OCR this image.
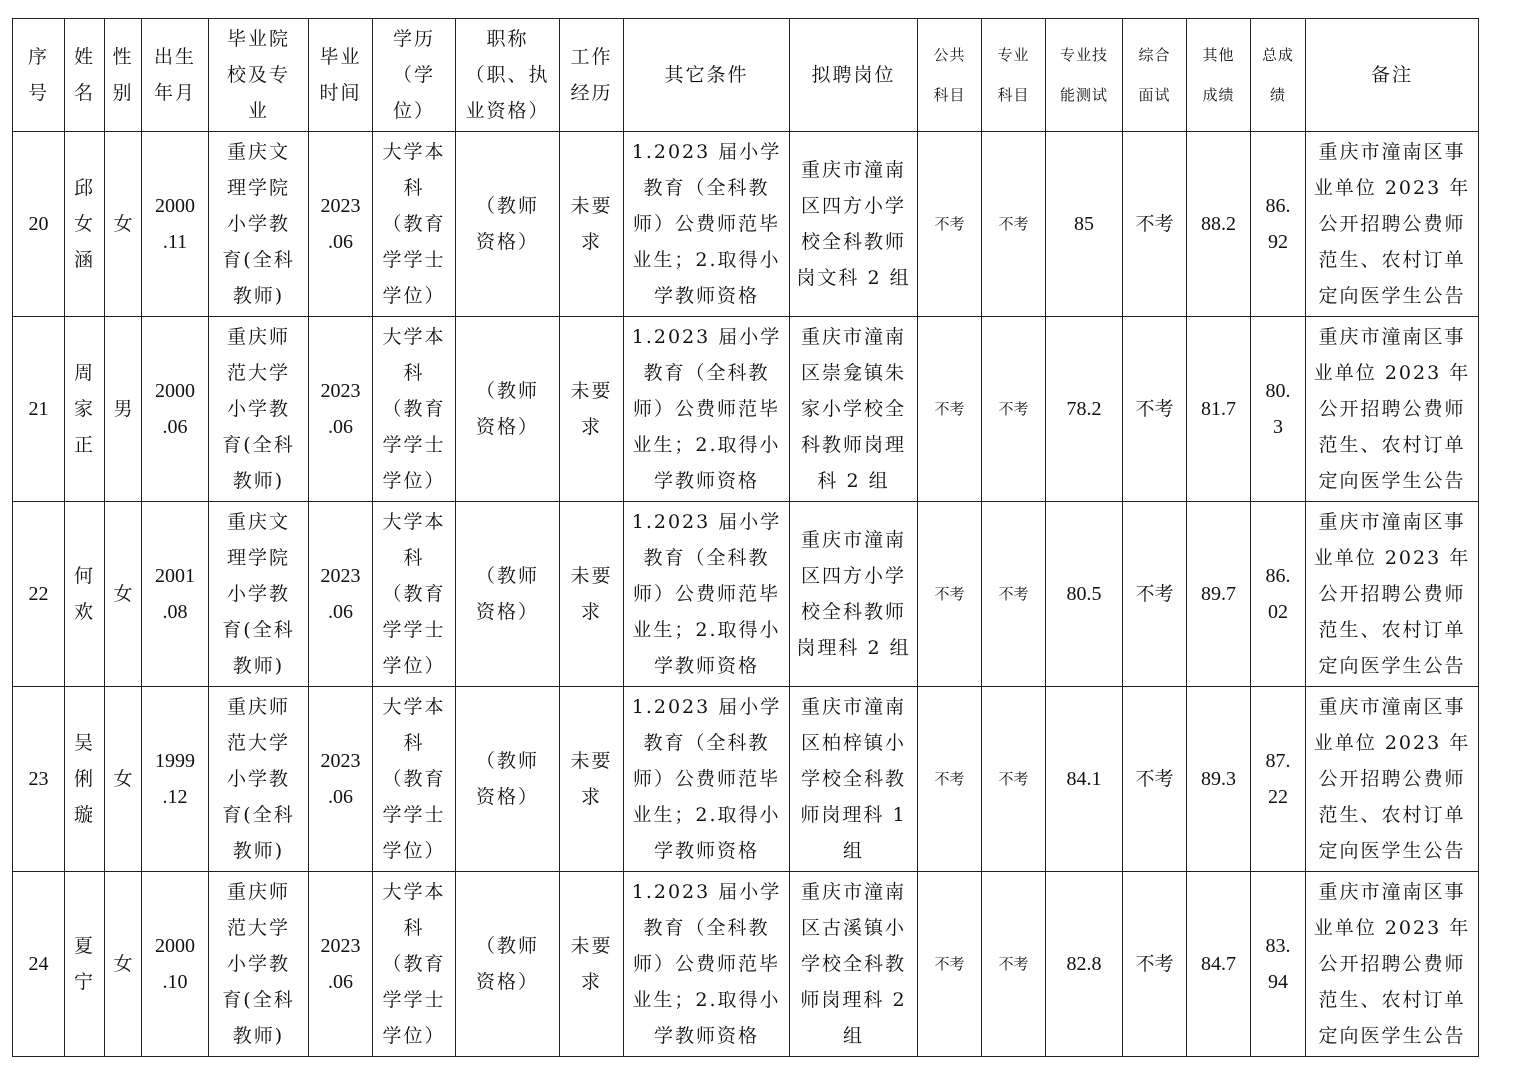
序
号	姓
名	性
别	出生
年月	毕业院
校及专
业	毕业
时间	学历
（学
位）	职称
（职、执
业资格）	工作
经历	其它条件	拟聘岗位	公共
科目	专业
科目	专业技
能测试	综合
面试	其他
成绩	总成
绩	备注
20	邱
女
涵	女	2000
.11	重庆文
理学院
小学教
育(全科
教师)	2023
.06	大学本
科
（教育
学学士
学位）	（教师
资格）	未要
求	1.2023 届小学
教育（全科教
师）公费师范毕
业生；2.取得小
学教师资格	重庆市潼南
区四方小学
校全科教师
岗文科 2 组	不考	不考	85	不考	88.2	86.
92	重庆市潼南区事
业单位 2023 年
公开招聘公费师
范生、农村订单
定向医学生公告
21	周
家
正	男	2000
.06	重庆师
范大学
小学教
育(全科
教师)	2023
.06	大学本
科
（教育
学学士
学位）	（教师
资格）	未要
求	1.2023 届小学
教育（全科教
师）公费师范毕
业生；2.取得小
学教师资格	重庆市潼南
区崇龛镇朱
家小学校全
科教师岗理
科 2 组	不考	不考	78.2	不考	81.7	80.
3	重庆市潼南区事
业单位 2023 年
公开招聘公费师
范生、农村订单
定向医学生公告
22	何
欢	女	2001
.08	重庆文
理学院
小学教
育(全科
教师)	2023
.06	大学本
科
（教育
学学士
学位）	（教师
资格）	未要
求	1.2023 届小学
教育（全科教
师）公费师范毕
业生；2.取得小
学教师资格	重庆市潼南
区四方小学
校全科教师
岗理科 2 组	不考	不考	80.5	不考	89.7	86.
02	重庆市潼南区事
业单位 2023 年
公开招聘公费师
范生、农村订单
定向医学生公告
23	吴
俐
璇	女	1999
.12	重庆师
范大学
小学教
育(全科
教师)	2023
.06	大学本
科
（教育
学学士
学位）	（教师
资格）	未要
求	1.2023 届小学
教育（全科教
师）公费师范毕
业生；2.取得小
学教师资格	重庆市潼南
区柏梓镇小
学校全科教
师岗理科 1
组	不考	不考	84.1	不考	89.3	87.
22	重庆市潼南区事
业单位 2023 年
公开招聘公费师
范生、农村订单
定向医学生公告
24	夏
宁	女	2000
.10	重庆师
范大学
小学教
育(全科
教师)	2023
.06	大学本
科
（教育
学学士
学位）	（教师
资格）	未要
求	1.2023 届小学
教育（全科教
师）公费师范毕
业生；2.取得小
学教师资格	重庆市潼南
区古溪镇小
学校全科教
师岗理科 2
组	不考	不考	82.8	不考	84.7	83.
94	重庆市潼南区事
业单位 2023 年
公开招聘公费师
范生、农村订单
定向医学生公告
